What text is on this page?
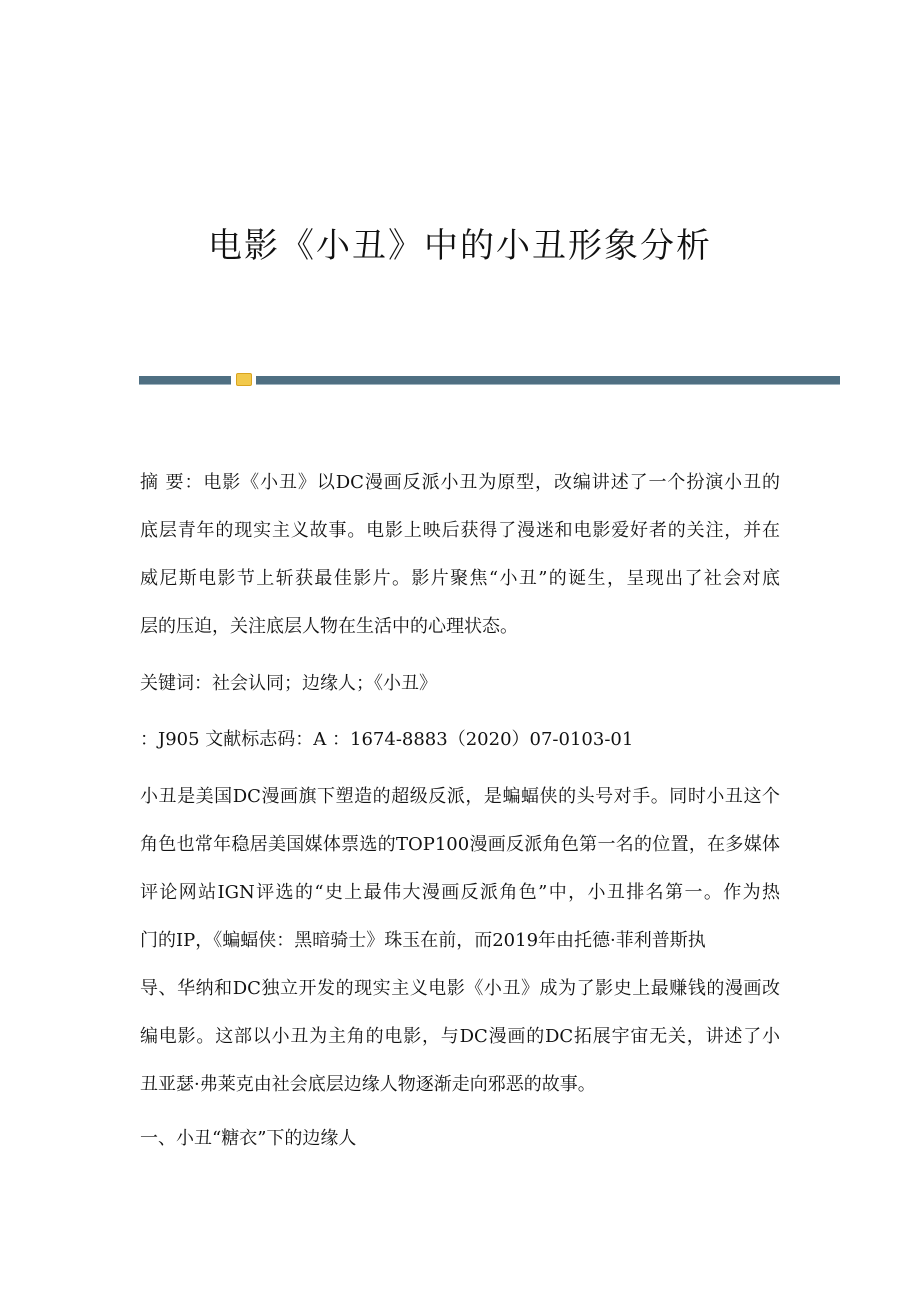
电影《小丑》中的小丑形象分析
摘 要：电影《小丑》以DC漫画反派小丑为原型，改编讲述了一个扮演小丑的
底层青年的现实主义故事。电影上映后获得了漫迷和电影爱好者的关注，并在
威尼斯电影节上斩获最佳影片。影片聚焦“小丑”的诞生，呈现出了社会对底
层的压迫，关注底层人物在生活中的心理状态。
关键词：社会认同；边缘人；《小丑》
：J905 文献标志码：A ：1674-8883（2020）07-0103-01
小丑是美国DC漫画旗下塑造的超级反派，是蝙蝠侠的头号对手。同时小丑这个
角色也常年稳居美国媒体票选的TOP100漫画反派角色第一名的位置，在多媒体
评论网站IGN评选的“史上最伟大漫画反派角色”中，小丑排名第一。作为热
门的IP，《蝙蝠侠：黑暗骑士》珠玉在前，而2019年由托德·菲利普斯执
导、华纳和DC独立开发的现实主义电影《小丑》成为了影史上最赚钱的漫画改
编电影。这部以小丑为主角的电影，与DC漫画的DC拓展宇宙无关，讲述了小
丑亚瑟·弗莱克由社会底层边缘人物逐渐走向邪恶的故事。
一、小丑“糖衣”下的边缘人
